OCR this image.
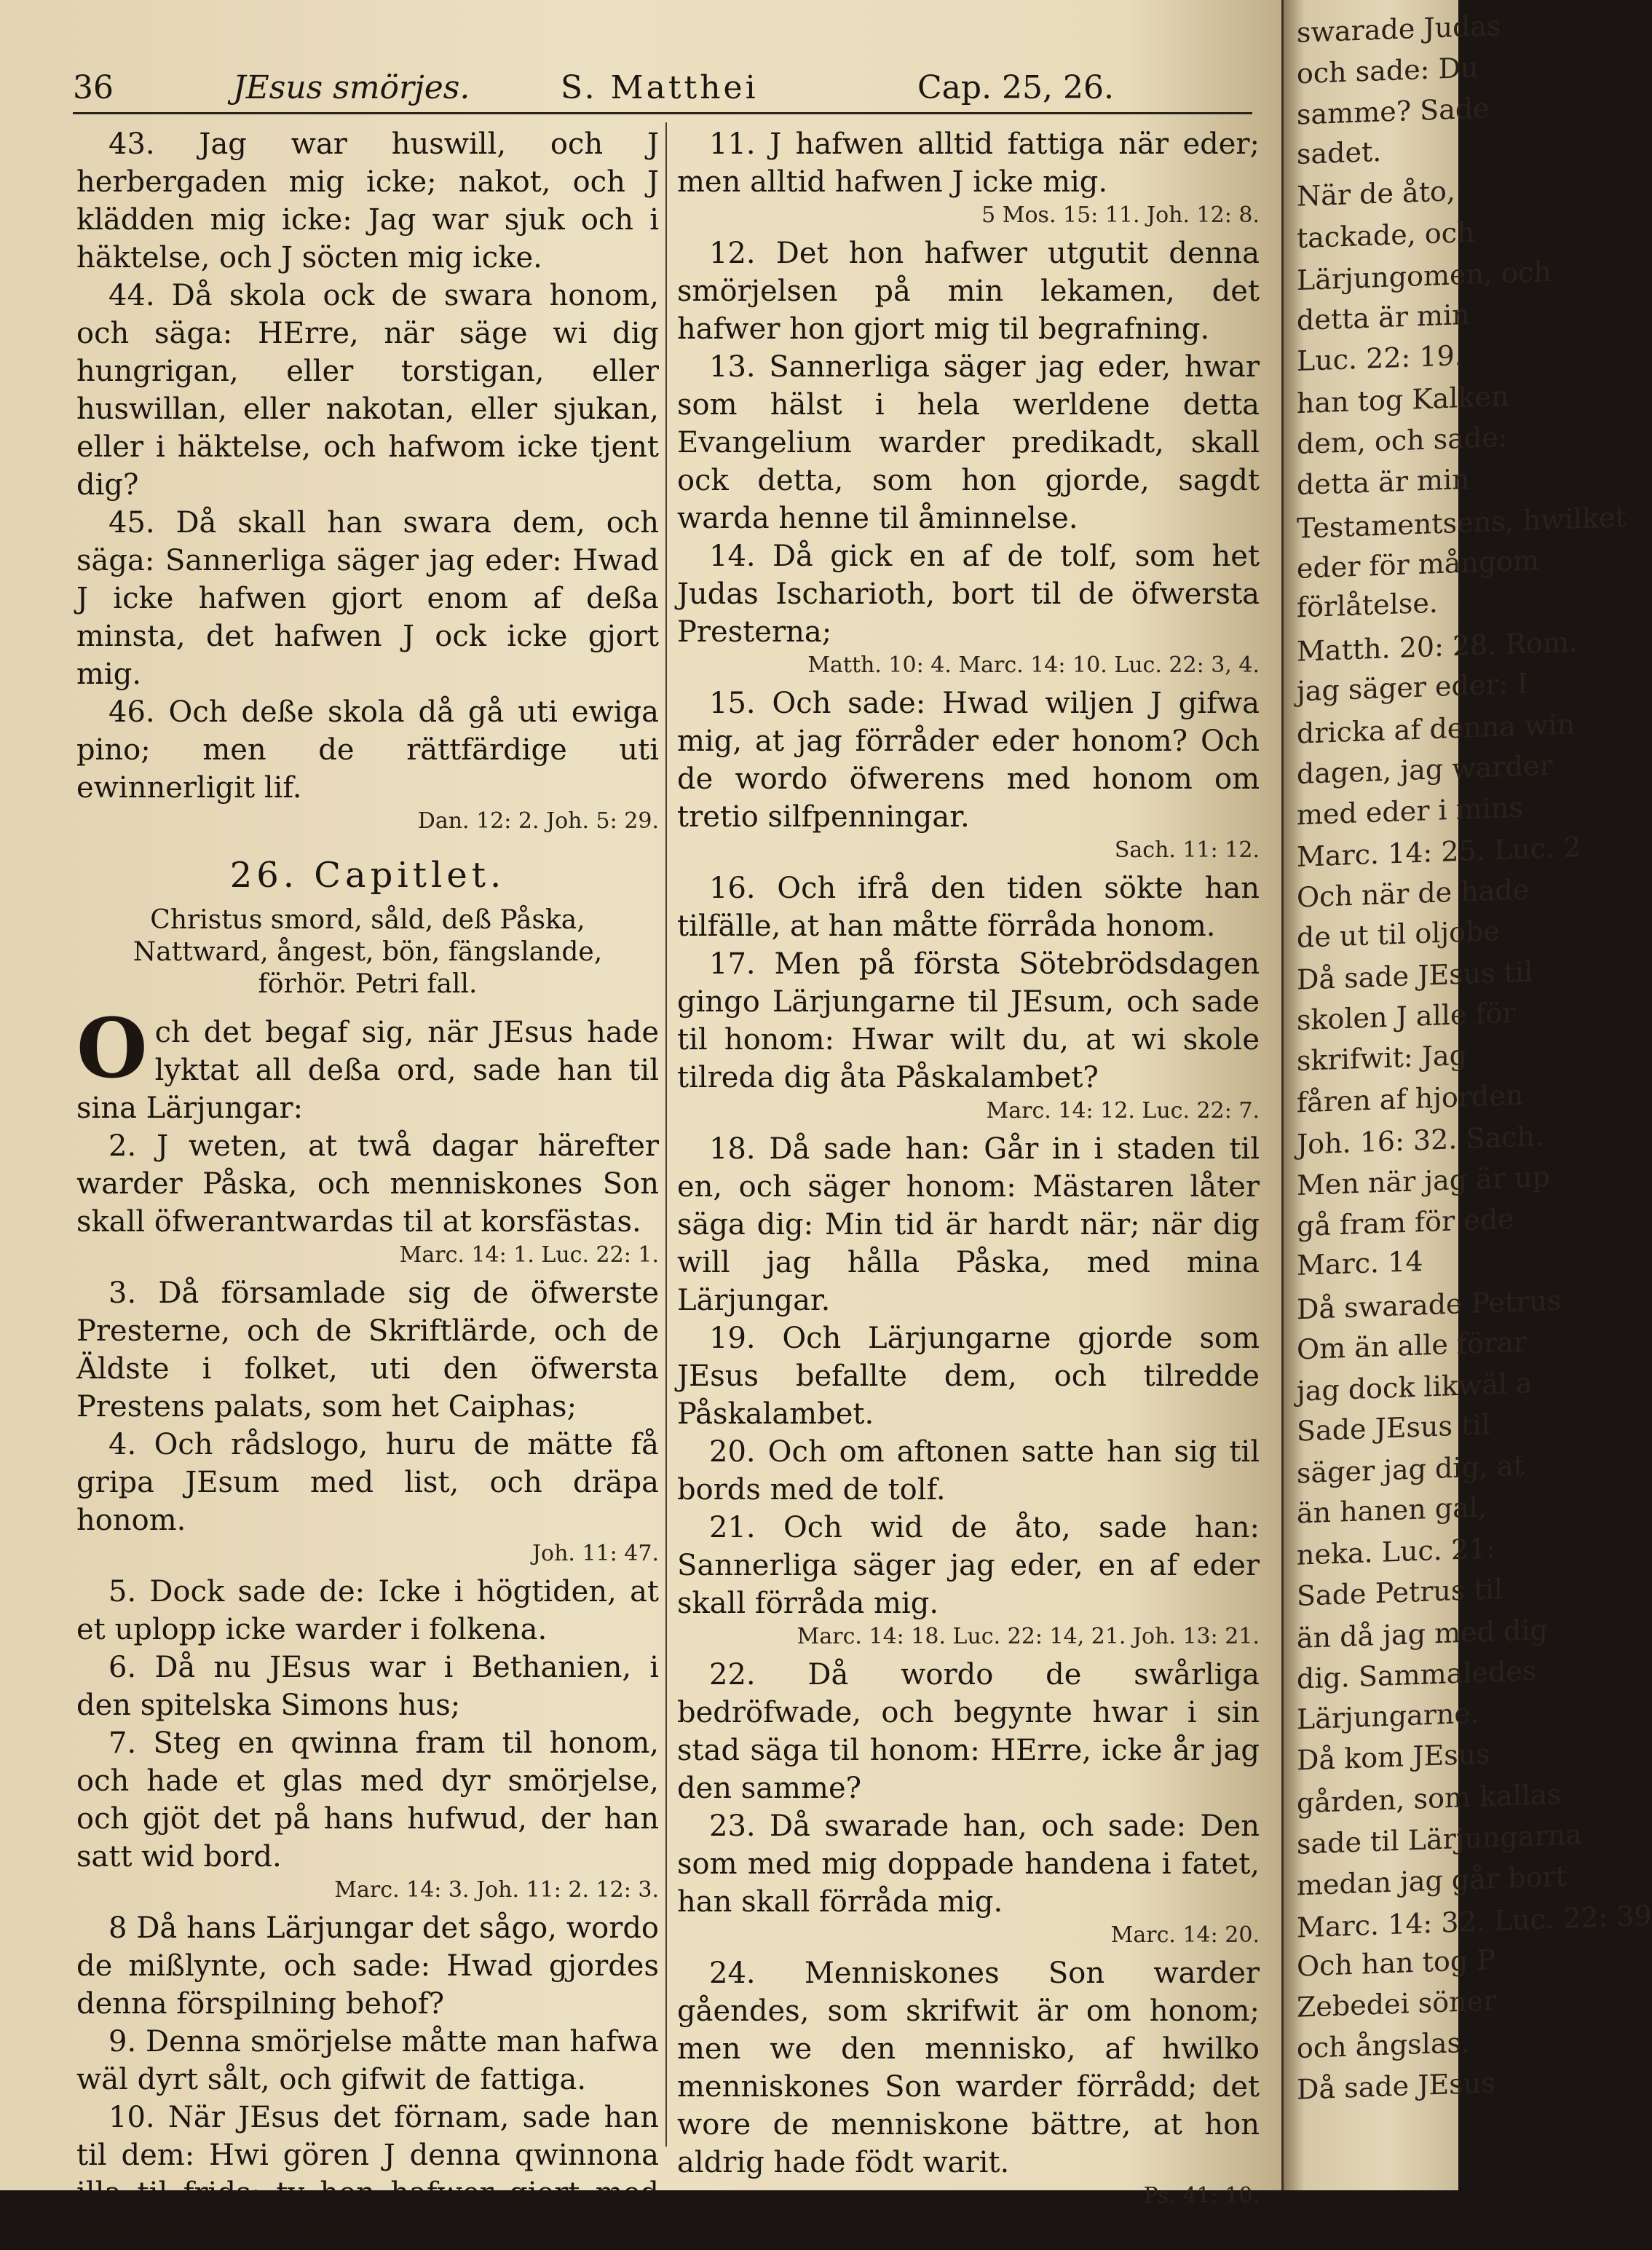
36	JEsus smörjes.	S. Matthei	Cap. 25, 26.

43. Jag war huswill, och J herbergaden mig icke; nakot, och J klädden mig icke: Jag war sjuk och i häktelse, och J söcten mig icke.

44. Då skola ock de swara honom, och säga: HErre, när säge wi dig hungrigan, eller torstigan, eller huswillan, eller nakotan, eller sjukan, eller i häktelse, och hafwom icke tjent dig?

45. Då skall han swara dem, och säga: Sannerliga säger jag eder: Hwad J icke hafwen gjort enom af deßa minsta, det hafwen J ock icke gjort mig.

46. Och deße skola då gå uti ewiga pino; men de rättfärdige uti ewinnerligit lif.

Dan. 12: 2. Joh. 5: 29.
26. Capitlet.
Christus smord, såld, deß Påska, Nattward, ångest, bön, fängslande, förhör. Petri fall.

Och det begaf sig, när JEsus hade lyktat all deßa ord, sade han til sina Lärjungar:

2. J weten, at twå dagar härefter warder Påska, och menniskones Son skall öfwerantwardas til at korsfästas.

Marc. 14: 1. Luc. 22: 1.

3. Då församlade sig de öfwerste Presterne, och de Skriftlärde, och de Äldste i folket, uti den öfwersta Prestens palats, som het Caiphas;

4. Och rådslogo, huru de mätte få gripa JEsum med list, och dräpa honom.

Joh. 11: 47.

5. Dock sade de: Icke i högtiden, at et uplopp icke warder i folkena.

6. Då nu JEsus war i Bethanien, i den spitelska Simons hus;

7. Steg en qwinna fram til honom, och hade et glas med dyr smörjelse, och gjöt det på hans hufwud, der han satt wid bord.

Marc. 14: 3. Joh. 11: 2. 12: 3.

8 Då hans Lärjungar det sågo, wordo de mißlynte, och sade: Hwad gjordes denna förspilning behof?

9. Denna smörjelse måtte man hafwa wäl dyrt sålt, och gifwit de fattiga.

10. När JEsus det förnam, sade han til dem: Hwi gören J denna qwinnona illa til frids; ty hon hafwer gjort med mig en god gerning?

11. J hafwen alltid fattiga när eder; men alltid hafwen J icke mig.

5 Mos. 15: 11. Joh. 12: 8.

12. Det hon hafwer utgutit denna smörjelsen på min lekamen, det hafwer hon gjort mig til begrafning.

13. Sannerliga säger jag eder, hwar som hälst i hela werldene detta Evangelium warder predikadt, skall ock detta, som hon gjorde, sagdt warda henne til åminnelse.

14. Då gick en af de tolf, som het Judas Ischarioth, bort til de öfwersta Presterna;

Matth. 10: 4. Marc. 14: 10. Luc. 22: 3, 4.

15. Och sade: Hwad wiljen J gifwa mig, at jag förråder eder honom? Och de wordo öfwerens med honom om tretio silfpenningar.

Sach. 11: 12.

16. Och ifrå den tiden sökte han tilfälle, at han måtte förråda honom.

17. Men på första Sötebrödsdagen gingo Lärjungarne til JEsum, och sade til honom: Hwar wilt du, at wi skole tilreda dig åta Påskalambet?

Marc. 14: 12. Luc. 22: 7.

18. Då sade han: Går in i staden til en, och säger honom: Mästaren låter säga dig: Min tid är hardt när; när dig will jag hålla Påska, med mina Lärjungar.

19. Och Lärjungarne gjorde som JEsus befallte dem, och tilredde Påskalambet.

20. Och om aftonen satte han sig til bords med de tolf.

21. Och wid de åto, sade han: Sannerliga säger jag eder, en af eder skall förråda mig.

Marc. 14: 18. Luc. 22: 14, 21. Joh. 13: 21.

22. Då wordo de swårliga bedröfwade, och begynte hwar i sin stad säga til honom: HErre, icke år jag den samme?

23. Då swarade han, och sade: Den som med mig doppade handena i fatet, han skall förråda mig.

Marc. 14: 20.

24. Menniskones Son warder gåendes, som skrifwit är om honom; men we den mennisko, af hwilko menniskones Son warder förrådd; det wore de menniskone bättre, at hon aldrig hade födt warit.

Ps. 41: 10.
swarade Judas
och sade: Du
samme? Sade
sadet.
När de åto,
tackade, och
Lärjungomen, och
detta är min
Luc. 22: 19.
han tog Kalken
dem, och sade:
detta är min
Testamentsens, hwilket
eder för mångom
förlåtelse.
Matth. 20: 28. Rom.
jag säger eder: I
dricka af denna win
dagen, jag warder
med eder i mins
Marc. 14: 25. Luc. 2
Och när de hade
de ut til oljobe
Då sade JEsus til
skolen J alle för
skrifwit: Jag
fåren af hjorden
Joh. 16: 32. Sach.
Men när jag är up
gå fram för ede
Marc. 14
Då swarade Petrus
Om än alle förar
jag dock likwäl a
Sade JEsus til
säger jag dig, at
än hanen gal,
neka. Luc. 21:
Sade Petrus til
än då jag med dig
dig. Sammaledes
Lärjungarne.
Då kom JEsus
gården, som kallas
sade til Lärjungarna
medan jag går bort
Marc. 14: 32. Luc. 22: 39
Och han tog P
Zebedei söner
och ångslas.
Då sade JEsus
